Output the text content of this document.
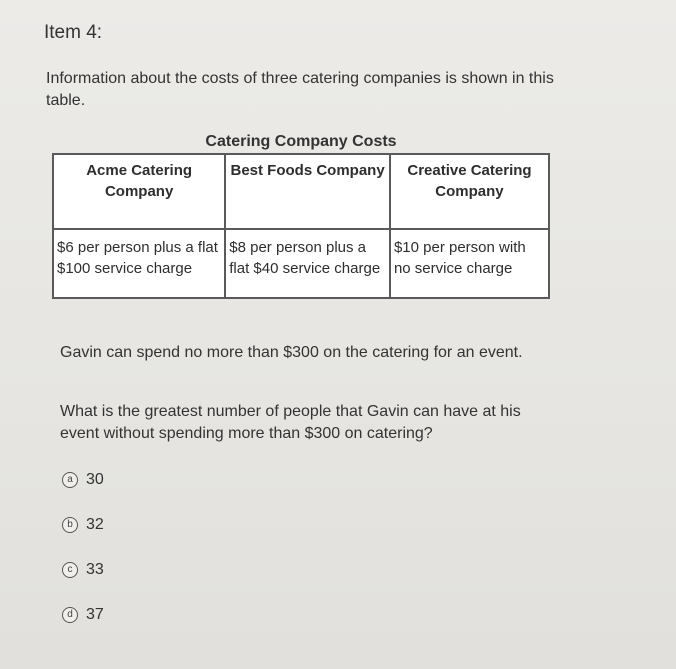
Item 4:
Information about the costs of three catering companies is shown in this table.
Catering Company Costs
Acme Catering Company	Best Foods Company	Creative Catering Company
$6 per person plus a flat $100 service charge	$8 per person plus a flat $40 service charge	$10 per person with no service charge
Gavin can spend no more than $300 on the catering for an event.
What is the greatest number of people that Gavin can have at his event without spending more than $300 on catering?
a 30
b 32
c 33
d 37
